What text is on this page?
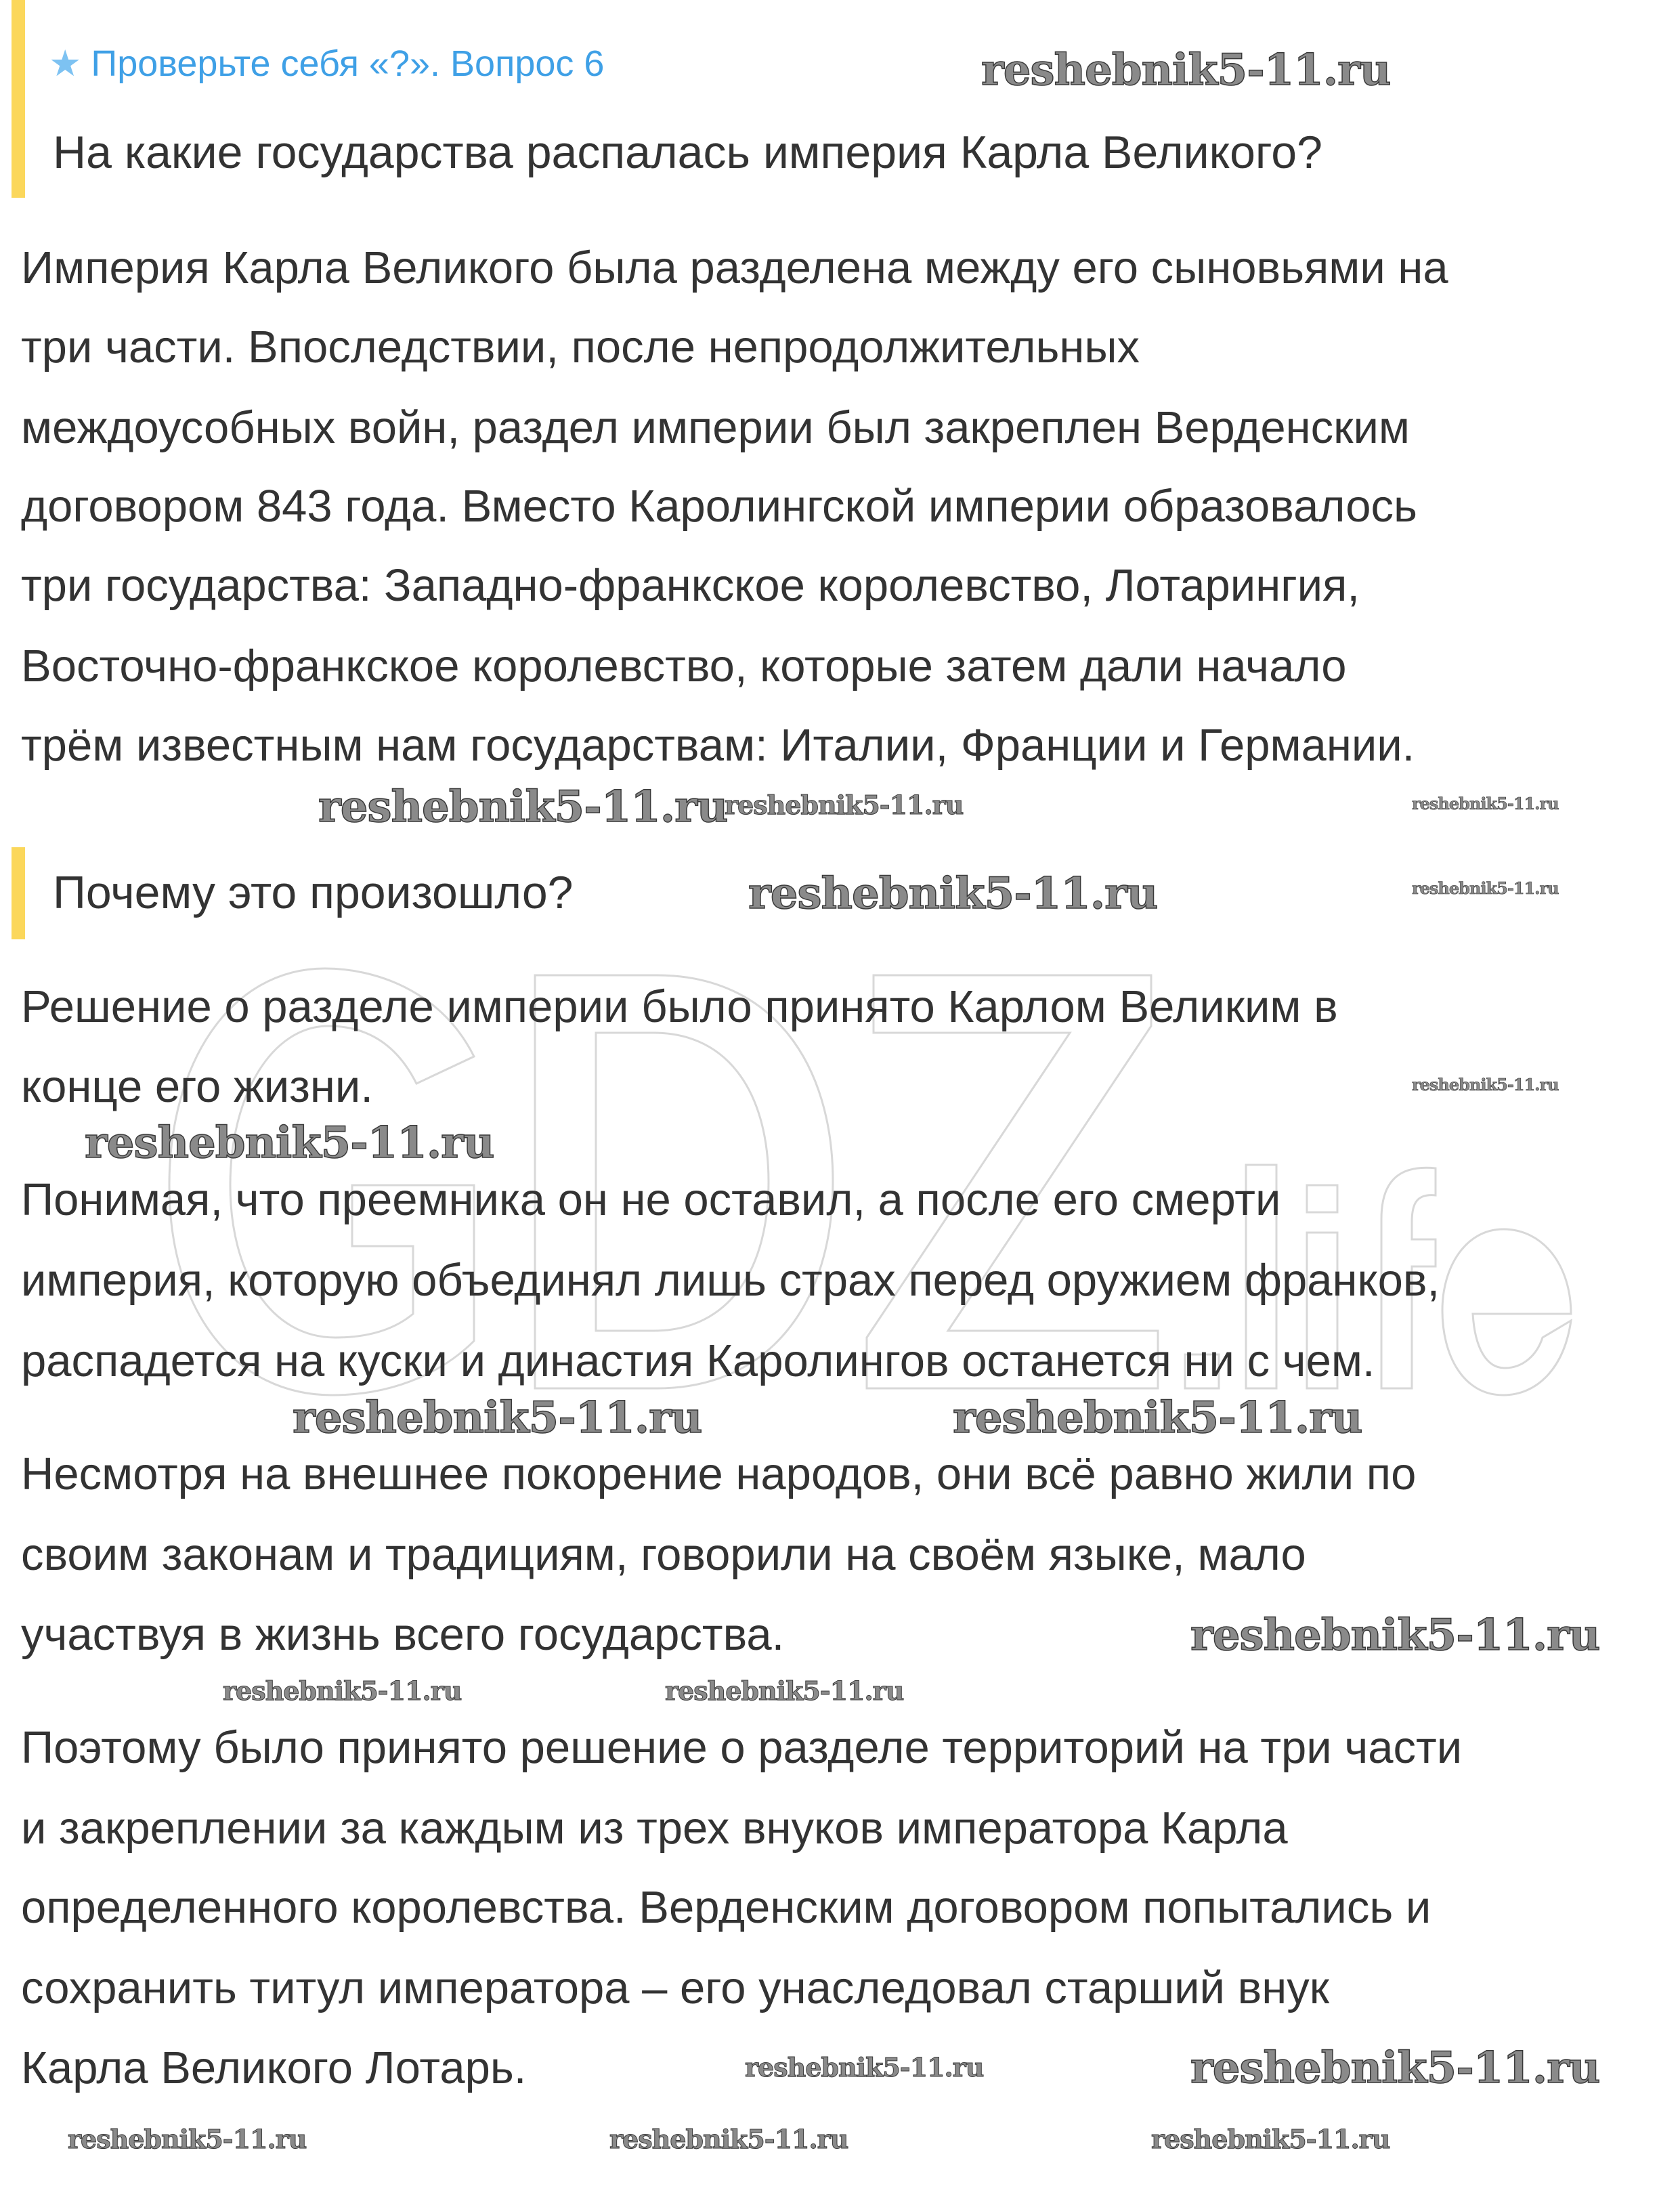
★ Проверьте себя «?». Вопрос 6
На какие государства распалась империя Карла Великого?
Империя Карла Великого была разделена между его сыновьями на
три части. Впоследствии, после непродолжительных
междоусобных войн, раздел империи был закреплен Верденским
договором 843 года. Вместо Каролингской империи образовалось
три государства: Западно-франкское королевство, Лотарингия,
Восточно-франкское королевство, которые затем дали начало
трём известным нам государствам: Италии, Франции и Германии.
Почему это произошло?
Решение о разделе империи было принято Карлом Великим в
конце его жизни.
Понимая, что преемника он не оставил, а после его смерти
империя, которую объединял лишь страх перед оружием франков,
распадется на куски и династия Каролингов останется ни с чем.
Несмотря на внешнее покорение народов, они всё равно жили по
своим законам и традициям, говорили на своём языке, мало
участвуя в жизнь всего государства.
Поэтому было принято решение о разделе территорий на три части
и закреплении за каждым из трех внуков императора Карла
определенного королевства. Верденским договором попытались и
сохранить титул императора – его унаследовал старший внук
Карла Великого Лотарь.
reshebnik5-11.ru
reshebnik5-11.ru
reshebnik5-11.ru
reshebnik5-11.ru
reshebnik5-11.ru
reshebnik5-11.ru
reshebnik5-11.ru
reshebnik5-11.ru	reshebnik5-11.ru
reshebnik5-11.ru
reshebnik5-11.ru
reshebnik5-11.ru
reshebnik5-11.ru
reshebnik5-11.ru
reshebnik5-11.ru
reshebnik5-11.ru
reshebnik5-11.ru
reshebnik5-11.ru
